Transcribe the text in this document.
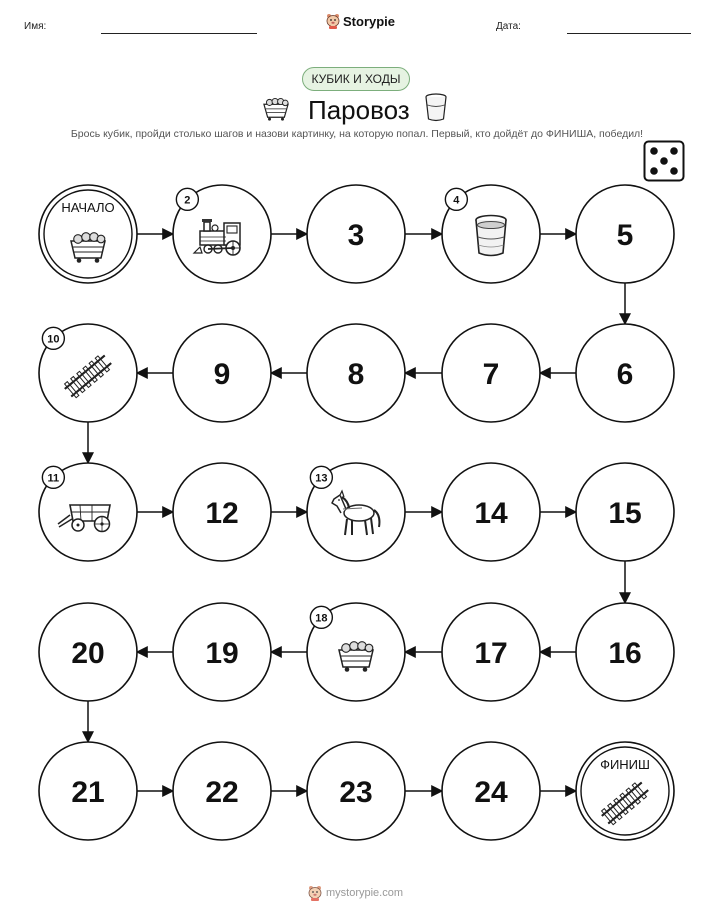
Имя:	Storypie	Дата:
КУБИК И ХОДЫ
Паровоз
Брось кубик, пройди столько шагов и назови картинку, на которую попал. Первый, кто дойдёт до ФИНИША, победил!
НАЧАЛО	2
3
4
5
6
7
8
9
10
11
12
13
14	15
16
17
18
19
20
21	22	23	24
ФИНИШ
mystorypie.com
